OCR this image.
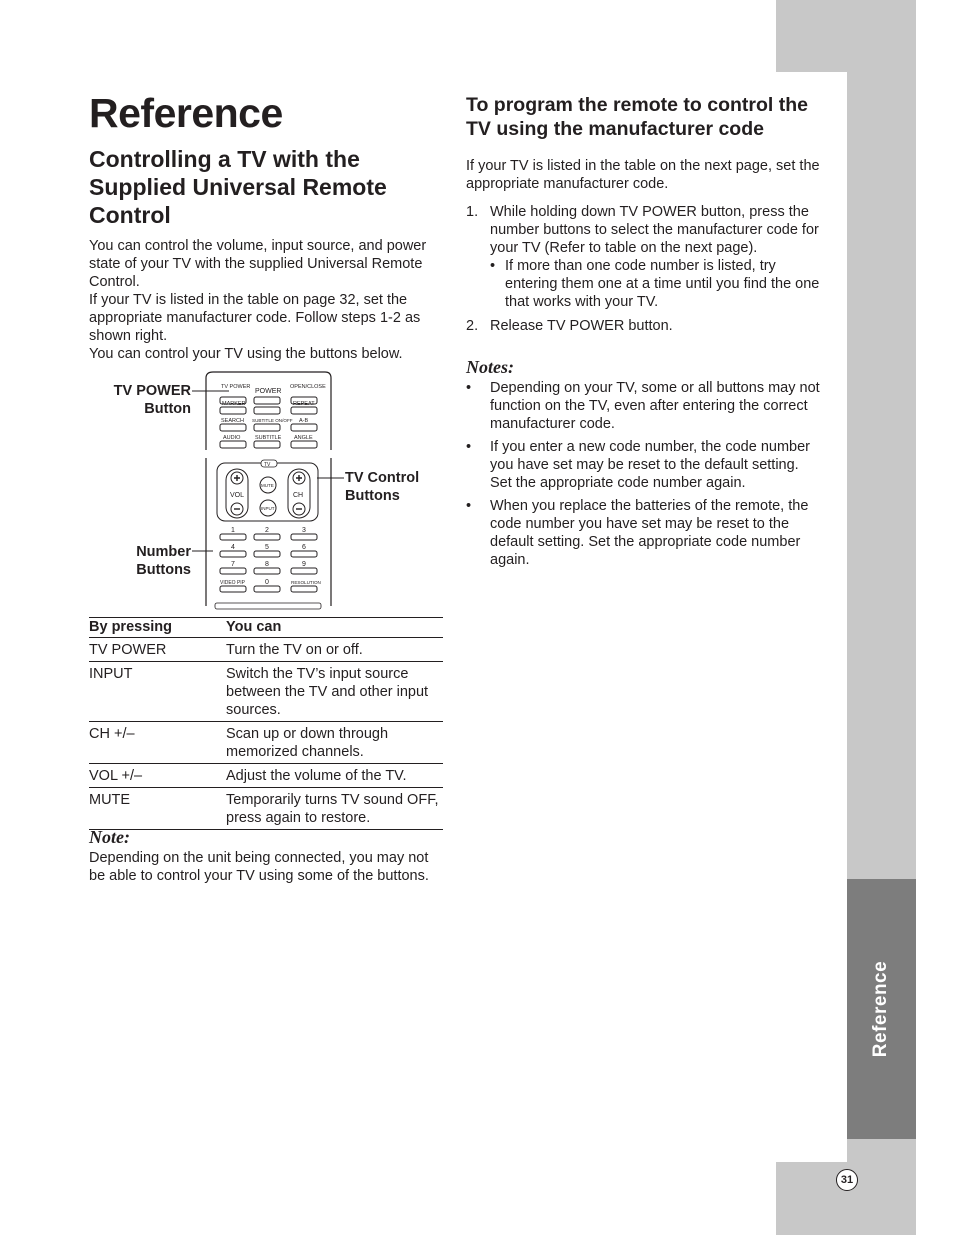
Reference
31
Reference
Controlling a TV with the Supplied Universal Remote Control

You can control the volume, input source, and power state of your TV with the supplied Universal Remote Control.

If your TV is listed in the table on page 32, set the appropriate manufacturer code. Follow steps 1-2 as shown right.

You can control your TV using the buttons below.

TV POWER
Button
TV Control
Buttons
Number
Buttons
TV POWER
POWER
OPEN/CLOSE
MARKER	REPEAT
SEARCH SUBTITLE ON/OFF A-B
AUDIO	SUBTITLE ANGLE
TV
VOL	CH
MUTE
INPUT
1	2	3
4	5	6
7	8	9
VIDEO PIP	0	RESOLUTION
By pressing	You can
TV POWER	Turn the TV on or off.
INPUT	Switch the TV’s input source between the TV and other input sources.
CH +/–	Scan up or down through memorized channels.
VOL +/–	Adjust the volume of the TV.
MUTE	Temporarily turns TV sound OFF, press again to restore.
Note:
Depending on the unit being connected, you may not be able to control your TV using some of the buttons.
To program the remote to control the TV using the manufacturer code

If your TV is listed in the table on the next page, set the appropriate manufacturer code.

1. While holding down TV POWER button, press the number buttons to select the manufacturer code for your TV (Refer to table on the next page).
• If more than one code number is listed, try entering them one at a time until you find the one that works with your TV.
2. Release TV POWER button.
Notes:
• Depending on your TV, some or all buttons may not function on the TV, even after entering the correct manufacturer code.
• If you enter a new code number, the code number you have set may be reset to the default setting. Set the appropriate code number again.
• When you replace the batteries of the remote, the code number you have set may be reset to the default setting. Set the appropriate code number again.
